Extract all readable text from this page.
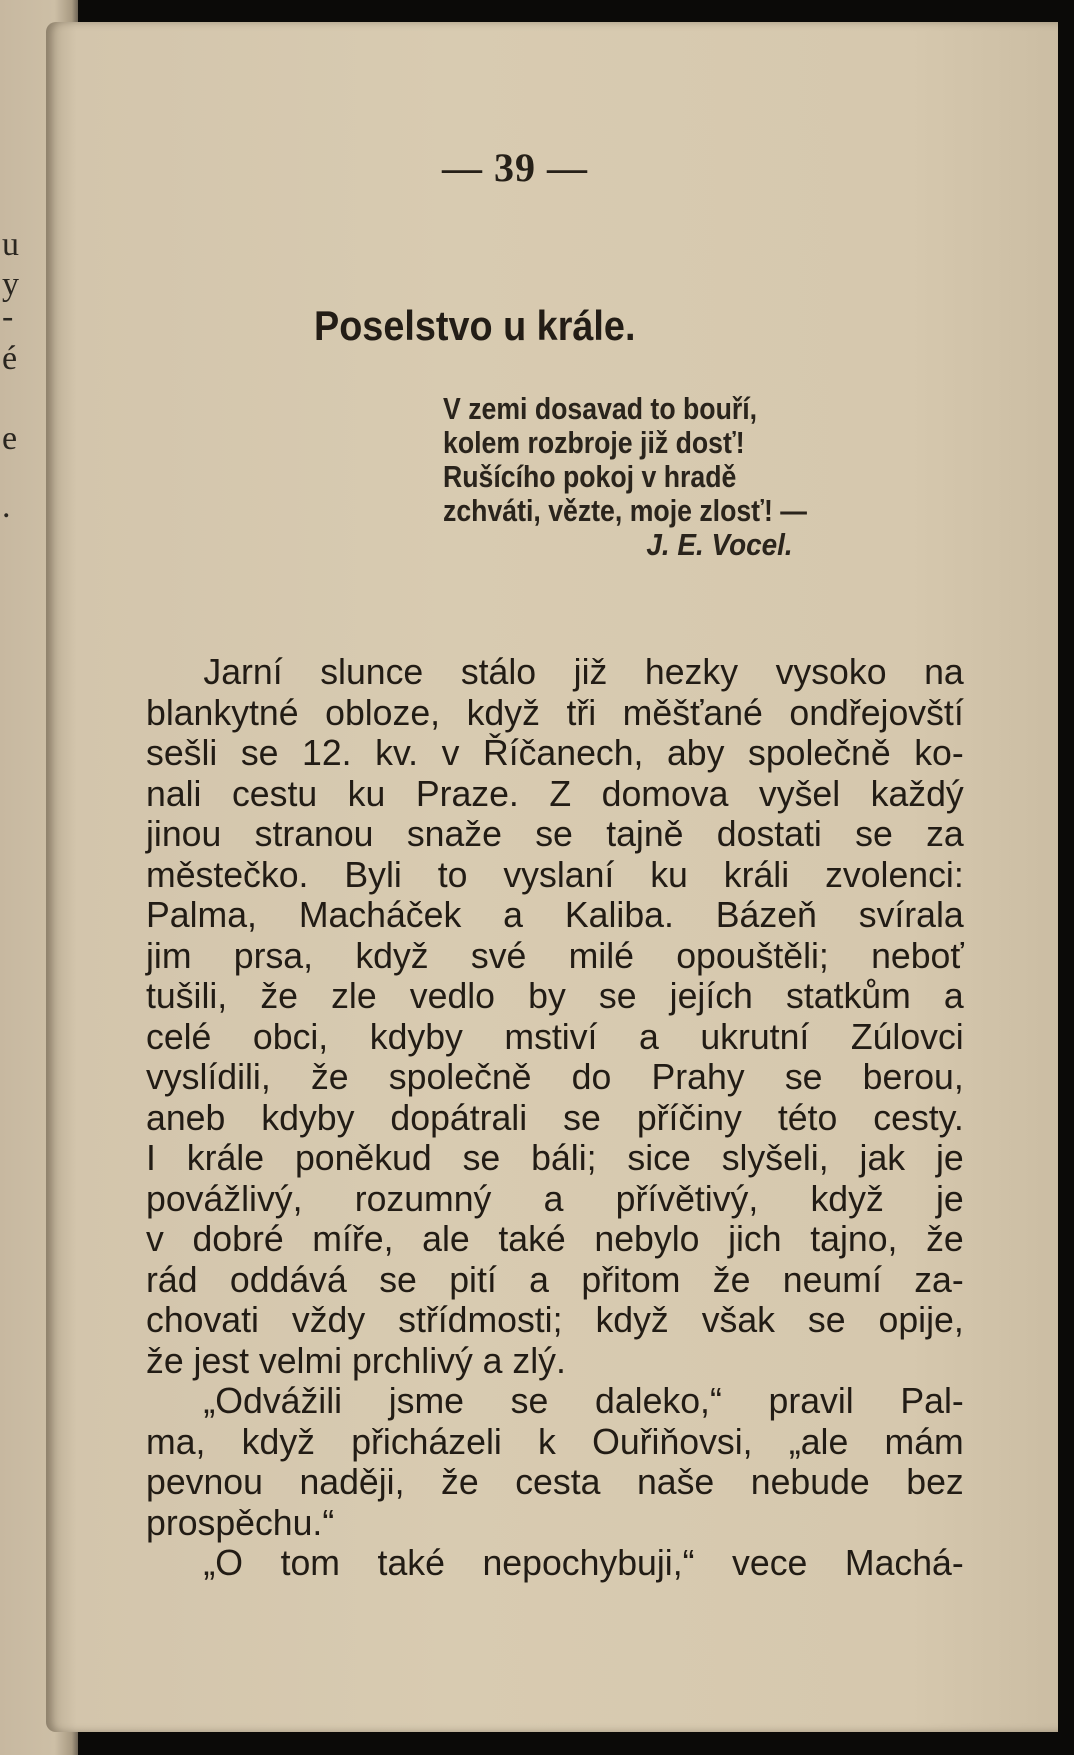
u
y
-
é
e
.
— 39 —
Poselstvo u krále.
V zemi dosavad to bouří,
kolem rozbroje již dosť!
Rušícího pokoj v hradě
zchváti, vězte, moje zlosť! —
J. E. Vocel.
Jarní slunce stálo již hezky vysoko na
blankytné obloze, když tři měšťané ondřejovští
sešli se 12. kv. v Říčanech, aby společně ko-
nali cestu ku Praze. Z domova vyšel každý
jinou stranou snaže se tajně dostati se za
městečko. Byli to vyslaní ku králi zvolenci:
Palma, Macháček a Kaliba. Bázeň svírala
jim prsa, když své milé opouštěli; neboť
tušili, že zle vedlo by se jejích statkům a
celé obci, kdyby mstiví a ukrutní Zúlovci
vyslídili, že společně do Prahy se berou,
aneb kdyby dopátrali se příčiny této cesty.
I krále poněkud se báli; sice slyšeli, jak je
povážlivý, rozumný a přívětivý, když je
v dobré míře, ale také nebylo jich tajno, že
rád oddává se pití a přitom že neumí za-
chovati vždy střídmosti; když však se opije,
že jest velmi prchlivý a zlý.
„Odvážili jsme se daleko,“ pravil Pal-
ma, když přicházeli k Ouřiňovsi, „ale mám
pevnou naději, že cesta naše nebude bez
prospěchu.“
„O tom také nepochybuji,“ vece Machá-
